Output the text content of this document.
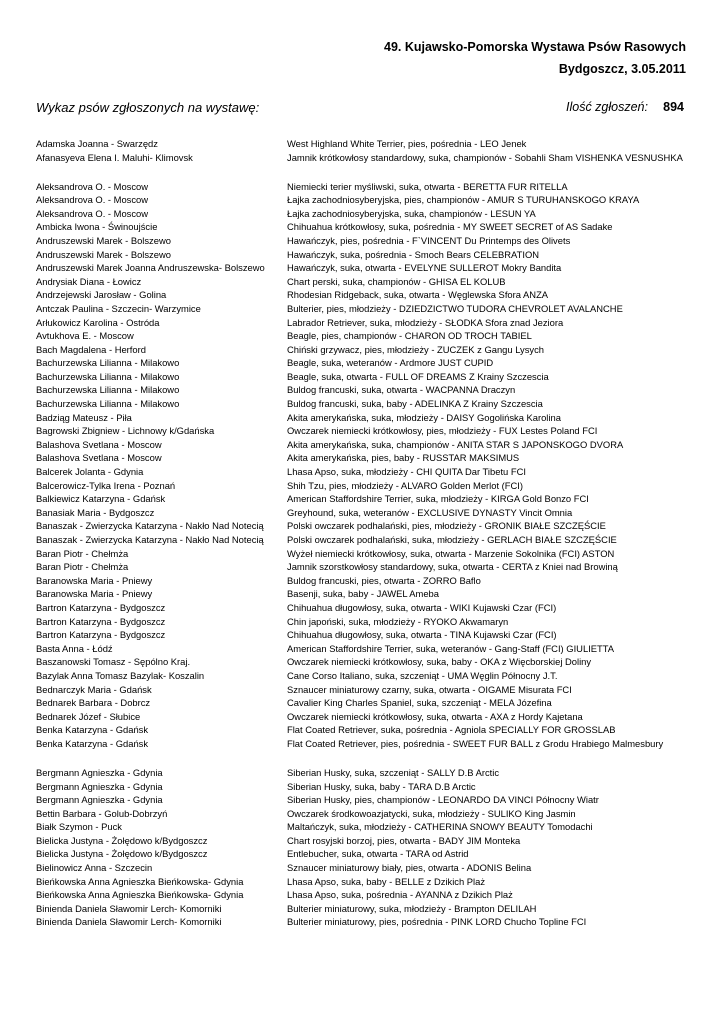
49. Kujawsko-Pomorska Wystawa Psów Rasowych
Bydgoszcz, 3.05.2011
Wykaz psów zgłoszonych na wystawę:	Ilość zgłoszeń: 894
Adamska Joanna - Swarzędz	West Highland White Terrier, pies, pośrednia - LEO Jenek
Afanasyeva Elena I. Maluhi- Klimovsk	Jamnik krótkowłosy standardowy, suka, championów - Sobahli Sham VISHENKA VESNUSHKA
Aleksandrova O. - Moscow	Niemiecki terier myśliwski, suka, otwarta - BERETTA FUR RITELLA
Aleksandrova O. - Moscow	Łajka zachodniosyberyjska, pies, championów - AMUR S TURUHANSKOGO KRAYA
Aleksandrova O. - Moscow	Łajka zachodniosyberyjska, suka, championów - LESUN YA
Ambicka Iwona - Świnoujście	Chihuahua krótkowłosy, suka, pośrednia - MY SWEET SECRET of AS Sadake
Andruszewski Marek - Bolszewo	Hawańczyk, pies, pośrednia - F`VINCENT Du Printemps des Olivets
Andruszewski Marek - Bolszewo	Hawańczyk, suka, pośrednia - Smoch Bears CELEBRATION
Andruszewski Marek Joanna Andruszewska- Bolszewo	Hawańczyk, suka, otwarta - EVELYNE SULLEROT Mokry Bandita
Andrysiak Diana - Łowicz	Chart perski, suka, championów - GHISA EL KOLUB
Andrzejewski Jarosław - Golina	Rhodesian Ridgeback, suka, otwarta - Węglewska Sfora ANZA
Antczak Paulina - Szczecin- Warzymice	Bulterier, pies, młodzieży - DZIEDZICTWO TUDORA CHEVROLET AVALANCHE
Arłukowicz Karolina - Ostróda	Labrador Retriever, suka, młodzieży - SŁODKA Sfora znad Jeziora
Avtukhova E. - Moscow	Beagle, pies, championów - CHARON OD TROCH TABIEL
Bach Magdalena - Herford	Chiński grzywacz, pies, młodzieży - ZUCZEK z Gangu Lysych
Bachurzewska Lilianna - Milakowo	Beagle, suka, weteranów - Ardmore JUST CUPID
Bachurzewska Lilianna - Milakowo	Beagle, suka, otwarta - FULL OF DREAMS Z Krainy Szczescia
Bachurzewska Lilianna - Milakowo	Buldog francuski, suka, otwarta - WACPANNA Draczyn
Bachurzewska Lilianna - Milakowo	Buldog francuski, suka, baby - ADELINKA Z Krainy Szczescia
Badziąg Mateusz - Piła	Akita amerykańska, suka, młodzieży - DAISY Gogolińska Karolina
Bagrowski Zbigniew - Lichnowy k/Gdańska	Owczarek niemiecki krótkowłosy, pies, młodzieży - FUX Lestes Poland FCI
Balashova Svetlana - Moscow	Akita amerykańska, suka, championów - ANITA STAR S JAPONSKOGO DVORA
Balashova Svetlana - Moscow	Akita amerykańska, pies, baby - RUSSTAR MAKSIMUS
Balcerek Jolanta - Gdynia	Lhasa Apso, suka, młodzieży - CHI QUITA Dar Tibetu FCI
Balcerowicz-Tylka Irena - Poznań	Shih Tzu, pies, młodzieży - ALVARO Golden Merlot (FCI)
Balkiewicz Katarzyna - Gdańsk	American Staffordshire Terrier, suka, młodzieży - KIRGA Gold Bonzo FCI
Banasiak Maria - Bydgoszcz	Greyhound, suka, weteranów - EXCLUSIVE DYNASTY Vincit Omnia
Banaszak - Zwierzycka Katarzyna - Nakło Nad Notecią	Polski owczarek podhalański, pies, młodzieży - GRONIK BIAŁE SZCZĘŚCIE
Banaszak - Zwierzycka Katarzyna - Nakło Nad Notecią	Polski owczarek podhalański, suka, młodzieży - GERLACH BIAŁE SZCZĘŚCIE
Baran Piotr - Chełmża	Wyżeł niemiecki krótkowłosy, suka, otwarta - Marzenie Sokolnika (FCI) ASTON
Baran Piotr - Chełmża	Jamnik szorstkowłosy standardowy, suka, otwarta - CERTA z Kniei nad Browiną
Baranowska Maria - Pniewy	Buldog francuski, pies, otwarta - ZORRO Baflo
Baranowska Maria - Pniewy	Basenji, suka, baby - JAWEL Ameba
Bartron Katarzyna - Bydgoszcz	Chihuahua długowłosy, suka, otwarta - WIKI Kujawski Czar (FCI)
Bartron Katarzyna - Bydgoszcz	Chin japoński, suka, młodzieży - RYOKO Akwamaryn
Bartron Katarzyna - Bydgoszcz	Chihuahua długowłosy, suka, otwarta - TINA Kujawski Czar (FCI)
Basta Anna - Łódź	American Staffordshire Terrier, suka, weteranów - Gang-Staff (FCI) GIULIETTA
Baszanowski Tomasz - Sępólno Kraj.	Owczarek niemiecki krótkowłosy, suka, baby - OKA z Więcborskiej Doliny
Bazylak Anna Tomasz Bazylak- Koszalin	Cane Corso Italiano, suka, szczeniąt - UMA Węglin Północny J.T.
Bednarczyk Maria - Gdańsk	Sznaucer miniaturowy czarny, suka, otwarta - OIGAME Misurata FCI
Bednarek Barbara - Dobrcz	Cavalier King Charles Spaniel, suka, szczeniąt - MELA Józefina
Bednarek Józef - Słubice	Owczarek niemiecki krótkowłosy, suka, otwarta - AXA z Hordy Kajetana
Benka Katarzyna - Gdańsk	Flat Coated Retriever, suka, pośrednia - Agniola SPECIALLY FOR GROSSLAB
Benka Katarzyna - Gdańsk	Flat Coated Retriever, pies, pośrednia - SWEET FUR BALL z Grodu Hrabiego Malmesbury
Bergmann Agnieszka - Gdynia	Siberian Husky, suka, szczeniąt - SALLY D.B Arctic
Bergmann Agnieszka - Gdynia	Siberian Husky, suka, baby - TARA D.B Arctic
Bergmann Agnieszka - Gdynia	Siberian Husky, pies, championów - LEONARDO DA VINCI Północny Wiatr
Bettin Barbara - Golub-Dobrzyń	Owczarek środkowoazjatycki, suka, młodzieży - SULIKO King Jasmin
Białk Szymon - Puck	Maltańczyk, suka, młodzieży - CATHERINA SNOWY BEAUTY Tomodachi
Bielicka Justyna - Żołędowo k/Bydgoszcz	Chart rosyjski borzoj, pies, otwarta - BADY JIM Monteka
Bielicka Justyna - Żołędowo k/Bydgoszcz	Entlebucher, suka, otwarta - TARA od Astrid
Bielinowicz Anna - Szczecin	Sznaucer miniaturowy biały, pies, otwarta - ADONIS Belina
Bieńkowska Anna Agnieszka Bieńkowska- Gdynia	Lhasa Apso, suka, baby - BELLE z Dzikich Plaż
Bieńkowska Anna Agnieszka Bieńkowska- Gdynia	Lhasa Apso, suka, pośrednia - AYANNA z Dzikich Plaż
Binienda Daniela Sławomir Lerch- Komorniki	Bulterier miniaturowy, suka, młodzieży - Brampton DELILAH
Binienda Daniela Sławomir Lerch- Komorniki	Bulterier miniaturowy, pies, pośrednia - PINK LORD Chucho Topline FCI
